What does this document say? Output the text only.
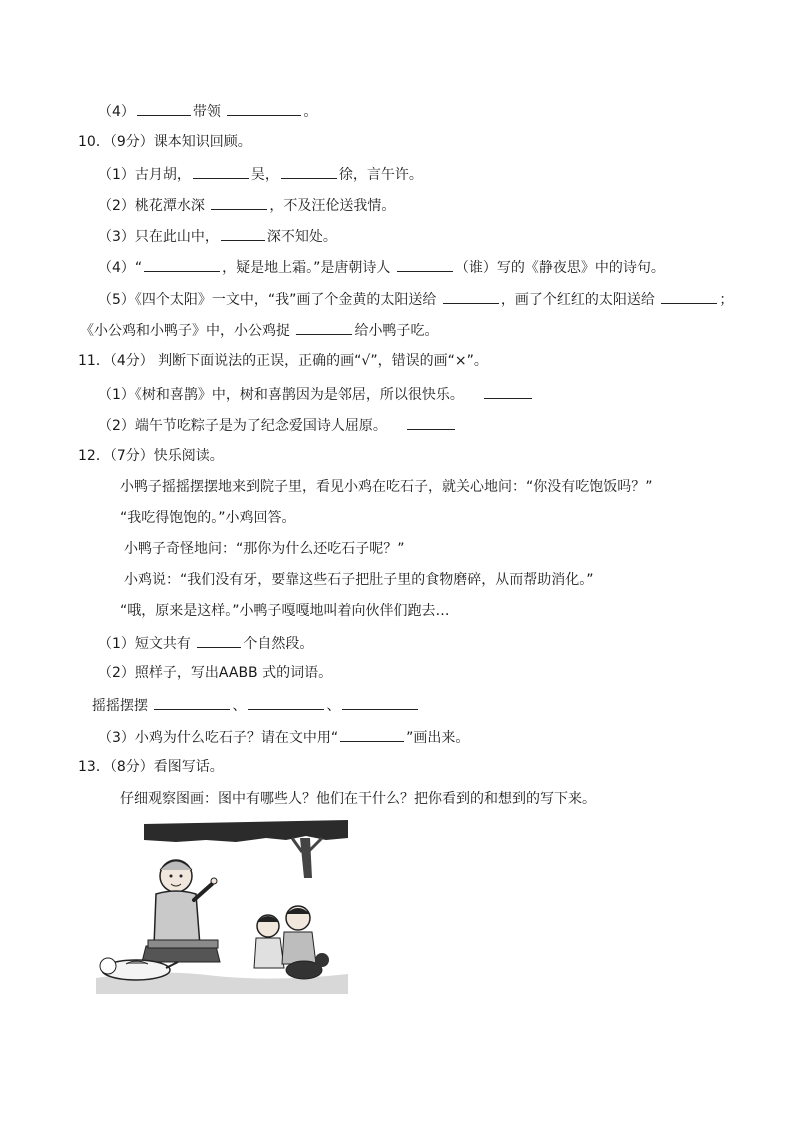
（4）	带领	。
10．（9分）课本知识回顾。
（1）古月胡，	吴，	徐，言午许。
（2）桃花潭水深	，不及汪伦送我情。
（3）只在此山中，	深不知处。
（4）“	，疑是地上霜。”是唐朝诗人	（谁）写的《静夜思》中的诗句。
（5）《四个太阳》一文中，“我”画了个金黄的太阳送给	，画了个红红的太阳送给	；
《小公鸡和小鸭子》中，小公鸡捉	给小鸭子吃。
11．（4分） 判断下面说法的正误，正确的画“√”，错误的画“×”。
（1）《树和喜鹊》中，树和喜鹊因为是邻居，所以很快乐。
（2）端午节吃粽子是为了纪念爱国诗人屈原。
12．（7分）快乐阅读。
小鸭子摇摇摆摆地来到院子里，看见小鸡在吃石子，就关心地问：“你没有吃饱饭吗？”
“我吃得饱饱的。”小鸡回答。
小鸭子奇怪地问：“那你为什么还吃石子呢？”
小鸡说：“我们没有牙，要靠这些石子把肚子里的食物磨碎，从而帮助消化。”
“哦，原来是这样。”小鸭子嘎嘎地叫着向伙伴们跑去…
（1）短文共有	个自然段。
（2）照样子，写出AABB 式的词语。
摇摇摆摆	、	、
（3）小鸡为什么吃石子？请在文中用“	”画出来。
13．（8分）看图写话。
仔细观察图画：图中有哪些人？他们在干什么？把你看到的和想到的写下来。
